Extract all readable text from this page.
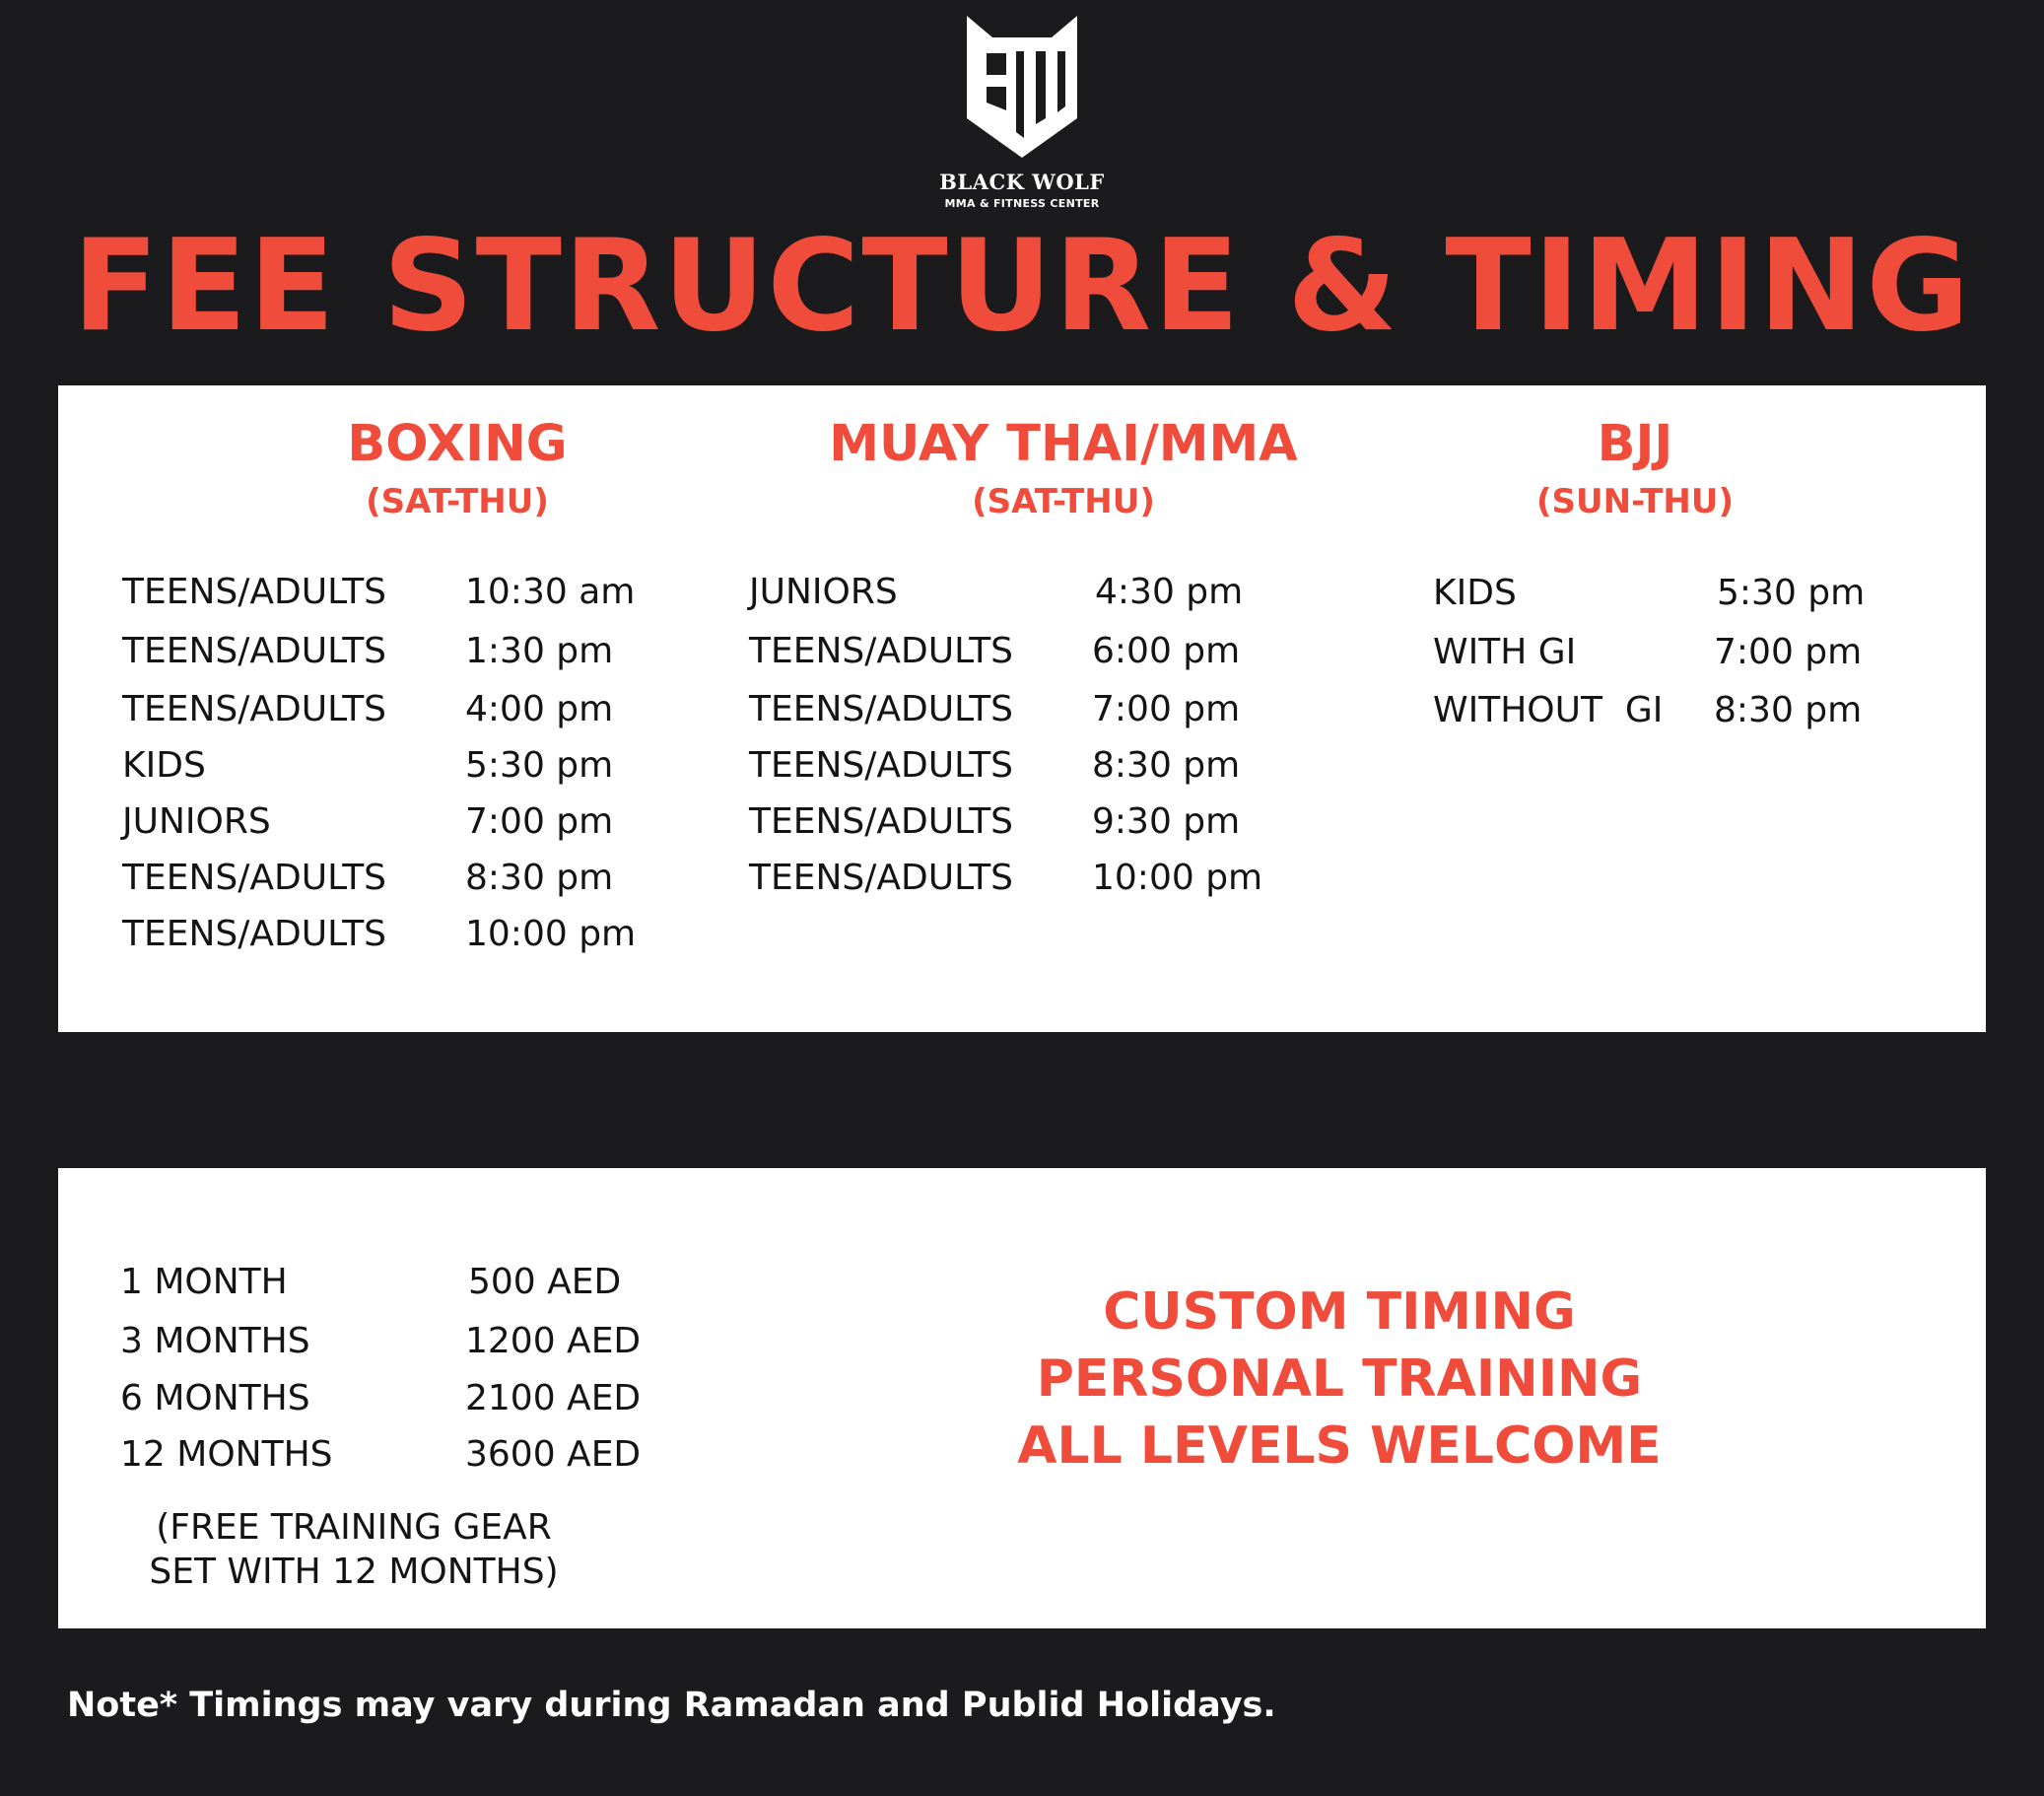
BLACK WOLF
MMA & FITNESS CENTER
FEE STRUCTURE & TIMING
BOXING
(SAT-THU)
TEENS/ADULTS 10:30 am
TEENS/ADULTS 1:30 pm
TEENS/ADULTS 4:00 pm
KIDS	5:30 pm
JUNIORS	7:00 pm
TEENS/ADULTS 8:30 pm
TEENS/ADULTS 10:00 pm
MUAY THAI/MMA
(SAT-THU)
JUNIORS	4:30 pm
TEENS/ADULTS 6:00 pm
TEENS/ADULTS 7:00 pm
TEENS/ADULTS 8:30 pm
TEENS/ADULTS 9:30 pm
TEENS/ADULTS 10:00 pm
BJJ
(SUN-THU)
KIDS	5:30 pm
WITH GI	7:00 pm
WITHOUT  GI 8:30 pm
1 MONTH	500 AED
3 MONTHS	1200 AED
6 MONTHS	2100 AED
12 MONTHS	3600 AED
(FREE TRAINING GEAR
SET WITH 12 MONTHS)
CUSTOM TIMING
PERSONAL TRAINING
ALL LEVELS WELCOME
Note* Timings may vary during Ramadan and Publid Holidays.
